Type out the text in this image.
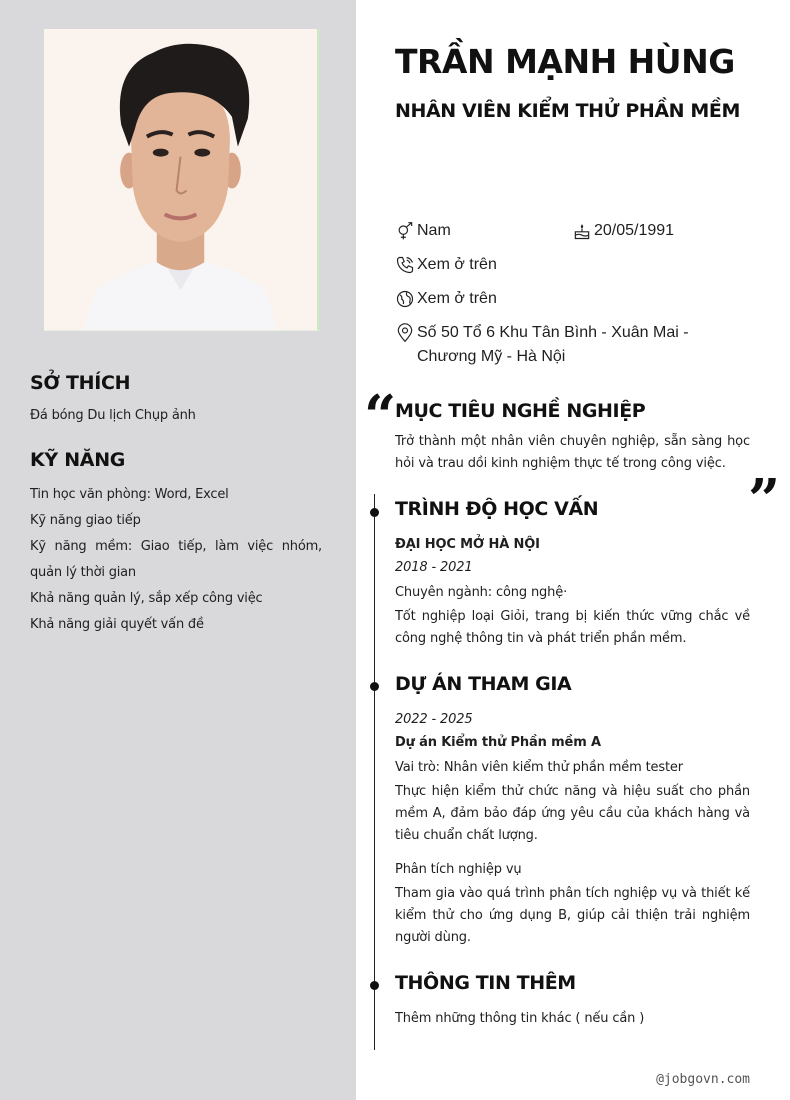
SỞ THÍCH
Đá bóng Du lịch Chụp ảnh
KỸ NĂNG
Tin học văn phòng: Word, Excel
Kỹ năng giao tiếp
Kỹ năng mềm: Giao tiếp, làm việc nhóm, quản lý thời gian
Khả năng quản lý, sắp xếp công việc
Khả năng giải quyết vấn đề
TRẦN MẠNH HÙNG
NHÂN VIÊN KIỂM THỬ PHẦN MỀM
Nam	20/05/1991
Xem ở trên
Xem ở trên
Số 50 Tổ 6 Khu Tân Bình - Xuân Mai - Chương Mỹ - Hà Nội
“
MỤC TIÊU NGHỀ NGHIỆP
Trở thành một nhân viên chuyên nghiệp, sẵn sàng học hỏi và trau dồi kinh nghiệm thực tế trong công việc.
”
TRÌNH ĐỘ HỌC VẤN
ĐẠI HỌC MỞ HÀ NỘI
2018 - 2021
Chuyên ngành: công nghệ·
Tốt nghiệp loại Giỏi, trang bị kiến thức vững chắc về công nghệ thông tin và phát triển phần mềm.
DỰ ÁN THAM GIA
2022 - 2025
Dự án Kiểm thử Phần mềm A
Vai trò: Nhân viên kiểm thử phần mềm tester
Thực hiện kiểm thử chức năng và hiệu suất cho phần mềm A, đảm bảo đáp ứng yêu cầu của khách hàng và tiêu chuẩn chất lượng.
Phân tích nghiệp vụ
Tham gia vào quá trình phân tích nghiệp vụ và thiết kế kiểm thử cho ứng dụng B, giúp cải thiện trải nghiệm người dùng.
THÔNG TIN THÊM
Thêm những thông tin khác ( nếu cần )
@jobgovn.com
